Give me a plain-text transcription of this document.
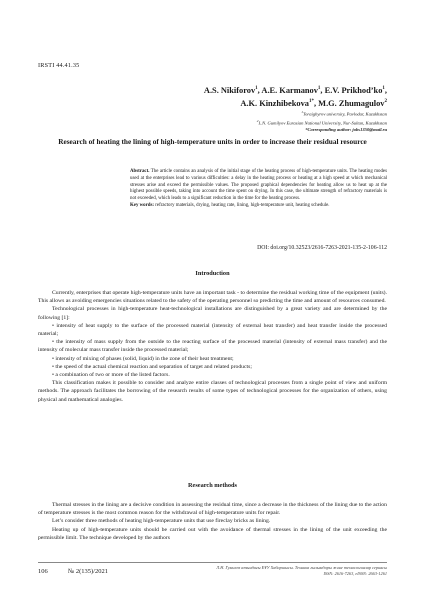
IRSTI 44.41.35
A.S. Nikiforov$^1$, A.E. Karmanov$^1$, E.V. $Prikhod’ko^1$,
A.K. Kinzhibekova$^{1*}$, M.G. Zhumagulov$^2$
$^1$Toraighyrov university, Pavlodar, Kazakhstan
$^2$L.N. Gumilyov Eurasian National University, Nur-Sultan, Kazakhstan
*Corresponding author: jobs1350@mail.ru
Research of heating the lining of high-temperature units in order to increase their residual resource
Abstract. The article contains an analysis of the initial stage of the heating process of high-temperature units. The heating modes used at the enterprises lead to various difficulties: a delay in the heating process or heating at a high speed at which mechanical stresses arise and exceed the permissible values. The proposed graphical dependencies for heating allow us to heat up at the highest possible speeds, taking into account the time spent on drying. In this case, the ultimate strength of refractory materials is not exceeded, which leads to a significant reduction in the time for the heating process.
Key words: refractory materials, drying, heating rate, lining, high-temperature unit, heating schedule.
DOI: doi.org/10.32523/2616-7263-2021-135-2-106-112
Introduction

Currently, enterprises that operate high-temperature units have an important task - to determine the residual working time of the equipment (units). This allows as avoiding emergencies situations related to the safety of the operating personnel so predicting the time and amount of resources consumed.

Technological processes in high-temperature heat-technological installations are distinguished by a great variety and are determined by the following [1]:

• intensity of heat supply to the surface of the processed material (intensity of external heat transfer) and heat transfer inside the processed material;

• the intensity of mass supply from the outside to the reacting surface of the processed material (intensity of external mass transfer) and the intensity of molecular mass transfer inside the processed material;

• intensity of mixing of phases (solid, liquid) in the zone of their heat treatment;

• the speed of the actual chemical reaction and separation of target and related products;

• a combination of two or more of the listed factors.

This classification makes it possible to consider and analyze entire classes of technological processes from a single point of view and uniform methods. The approach facilitates the borrowing of the research results of some types of technological processes for the organization of others, using physical and mathematical analogies.

Research methods

Thermal stresses in the lining are a decisive condition in assessing the residual time, since a decrease in the thickness of the lining due to the action of temperature stresses is the most common reason for the withdrawal of high-temperature units for repair.

Let’s consider three methods of heating high-temperature units that use fireclay bricks as lining.

Heating up of high-temperature units should be carried out with the avoidance of thermal stresses in the lining of the unit exceeding the permissible limit. The technique developed by the authors

106	№ 2(135)/2021
Л.Н. Гумилев атындағы ЕҰУ Хабаршысы. Техника ғылымдары және технологиялар сериясы
ISSN: 2616-7263, eISSN: 2663-1261
